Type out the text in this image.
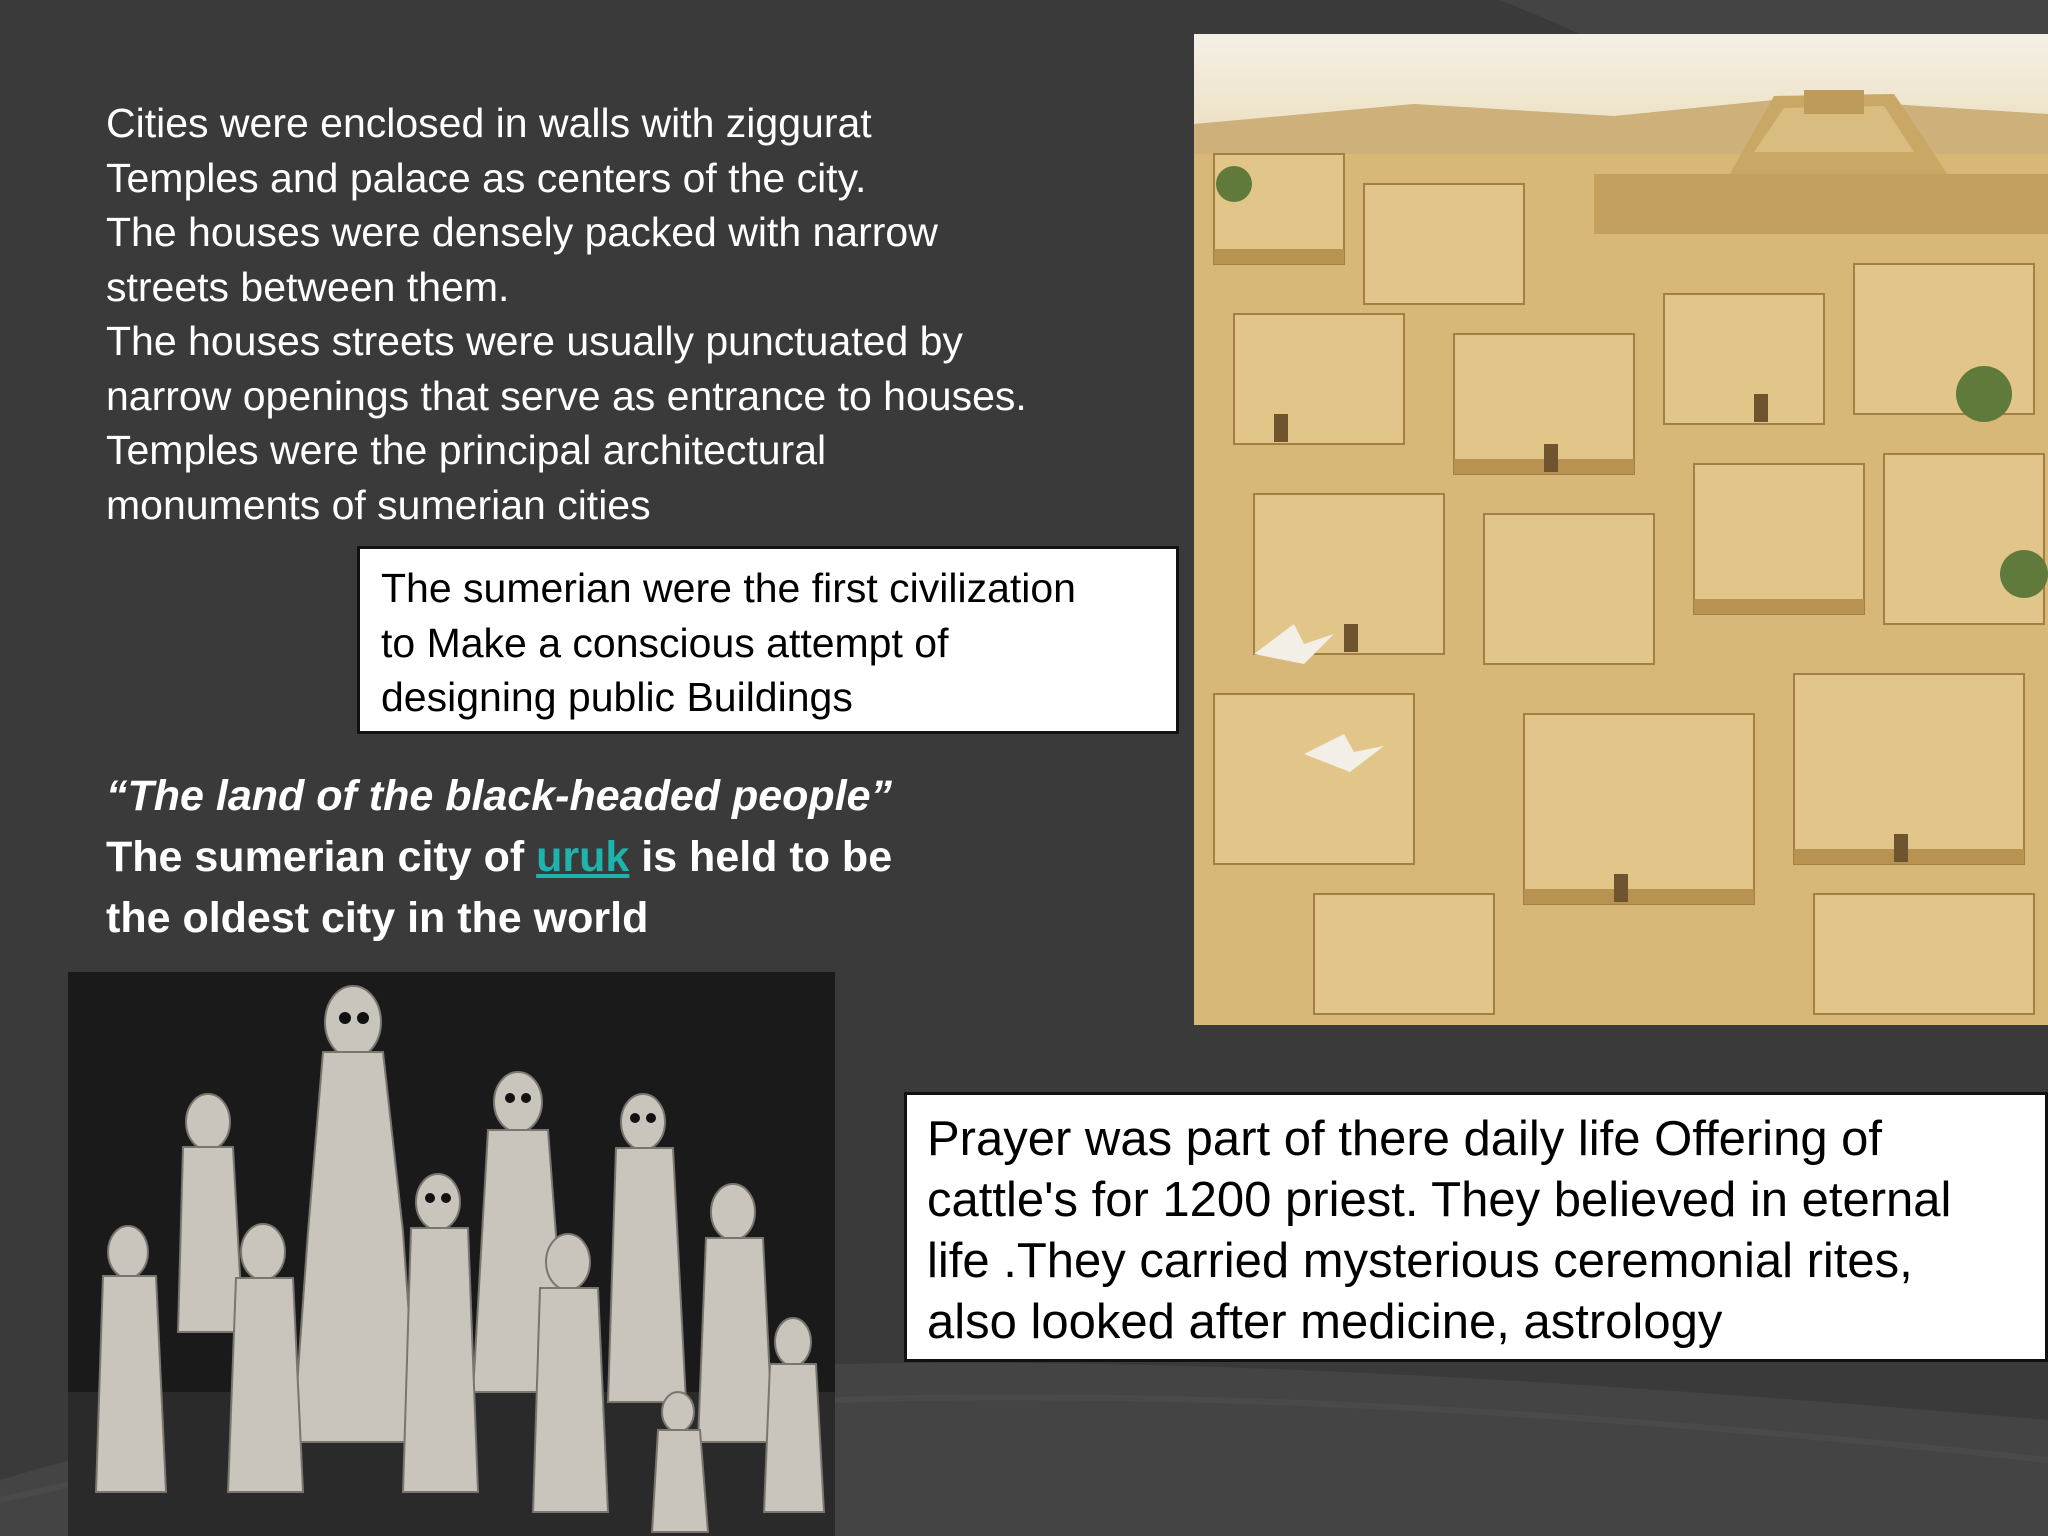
Cities were enclosed in walls with ziggurat
Temples and palace as centers of the city.
The houses were densely packed with narrow
streets between them.
The houses streets were usually punctuated by
narrow openings that serve as entrance to houses.
Temples were the principal architectural
monuments of sumerian cities
The sumerian were the first civilization
to Make a conscious attempt of
designing public Buildings
“The land of the black-headed people”
The sumerian city of uruk is held to be
the oldest city in the world
Prayer was part of there daily life Offering of
cattle's for 1200 priest. They believed in eternal
life .They carried mysterious ceremonial rites,
also looked after medicine, astrology
